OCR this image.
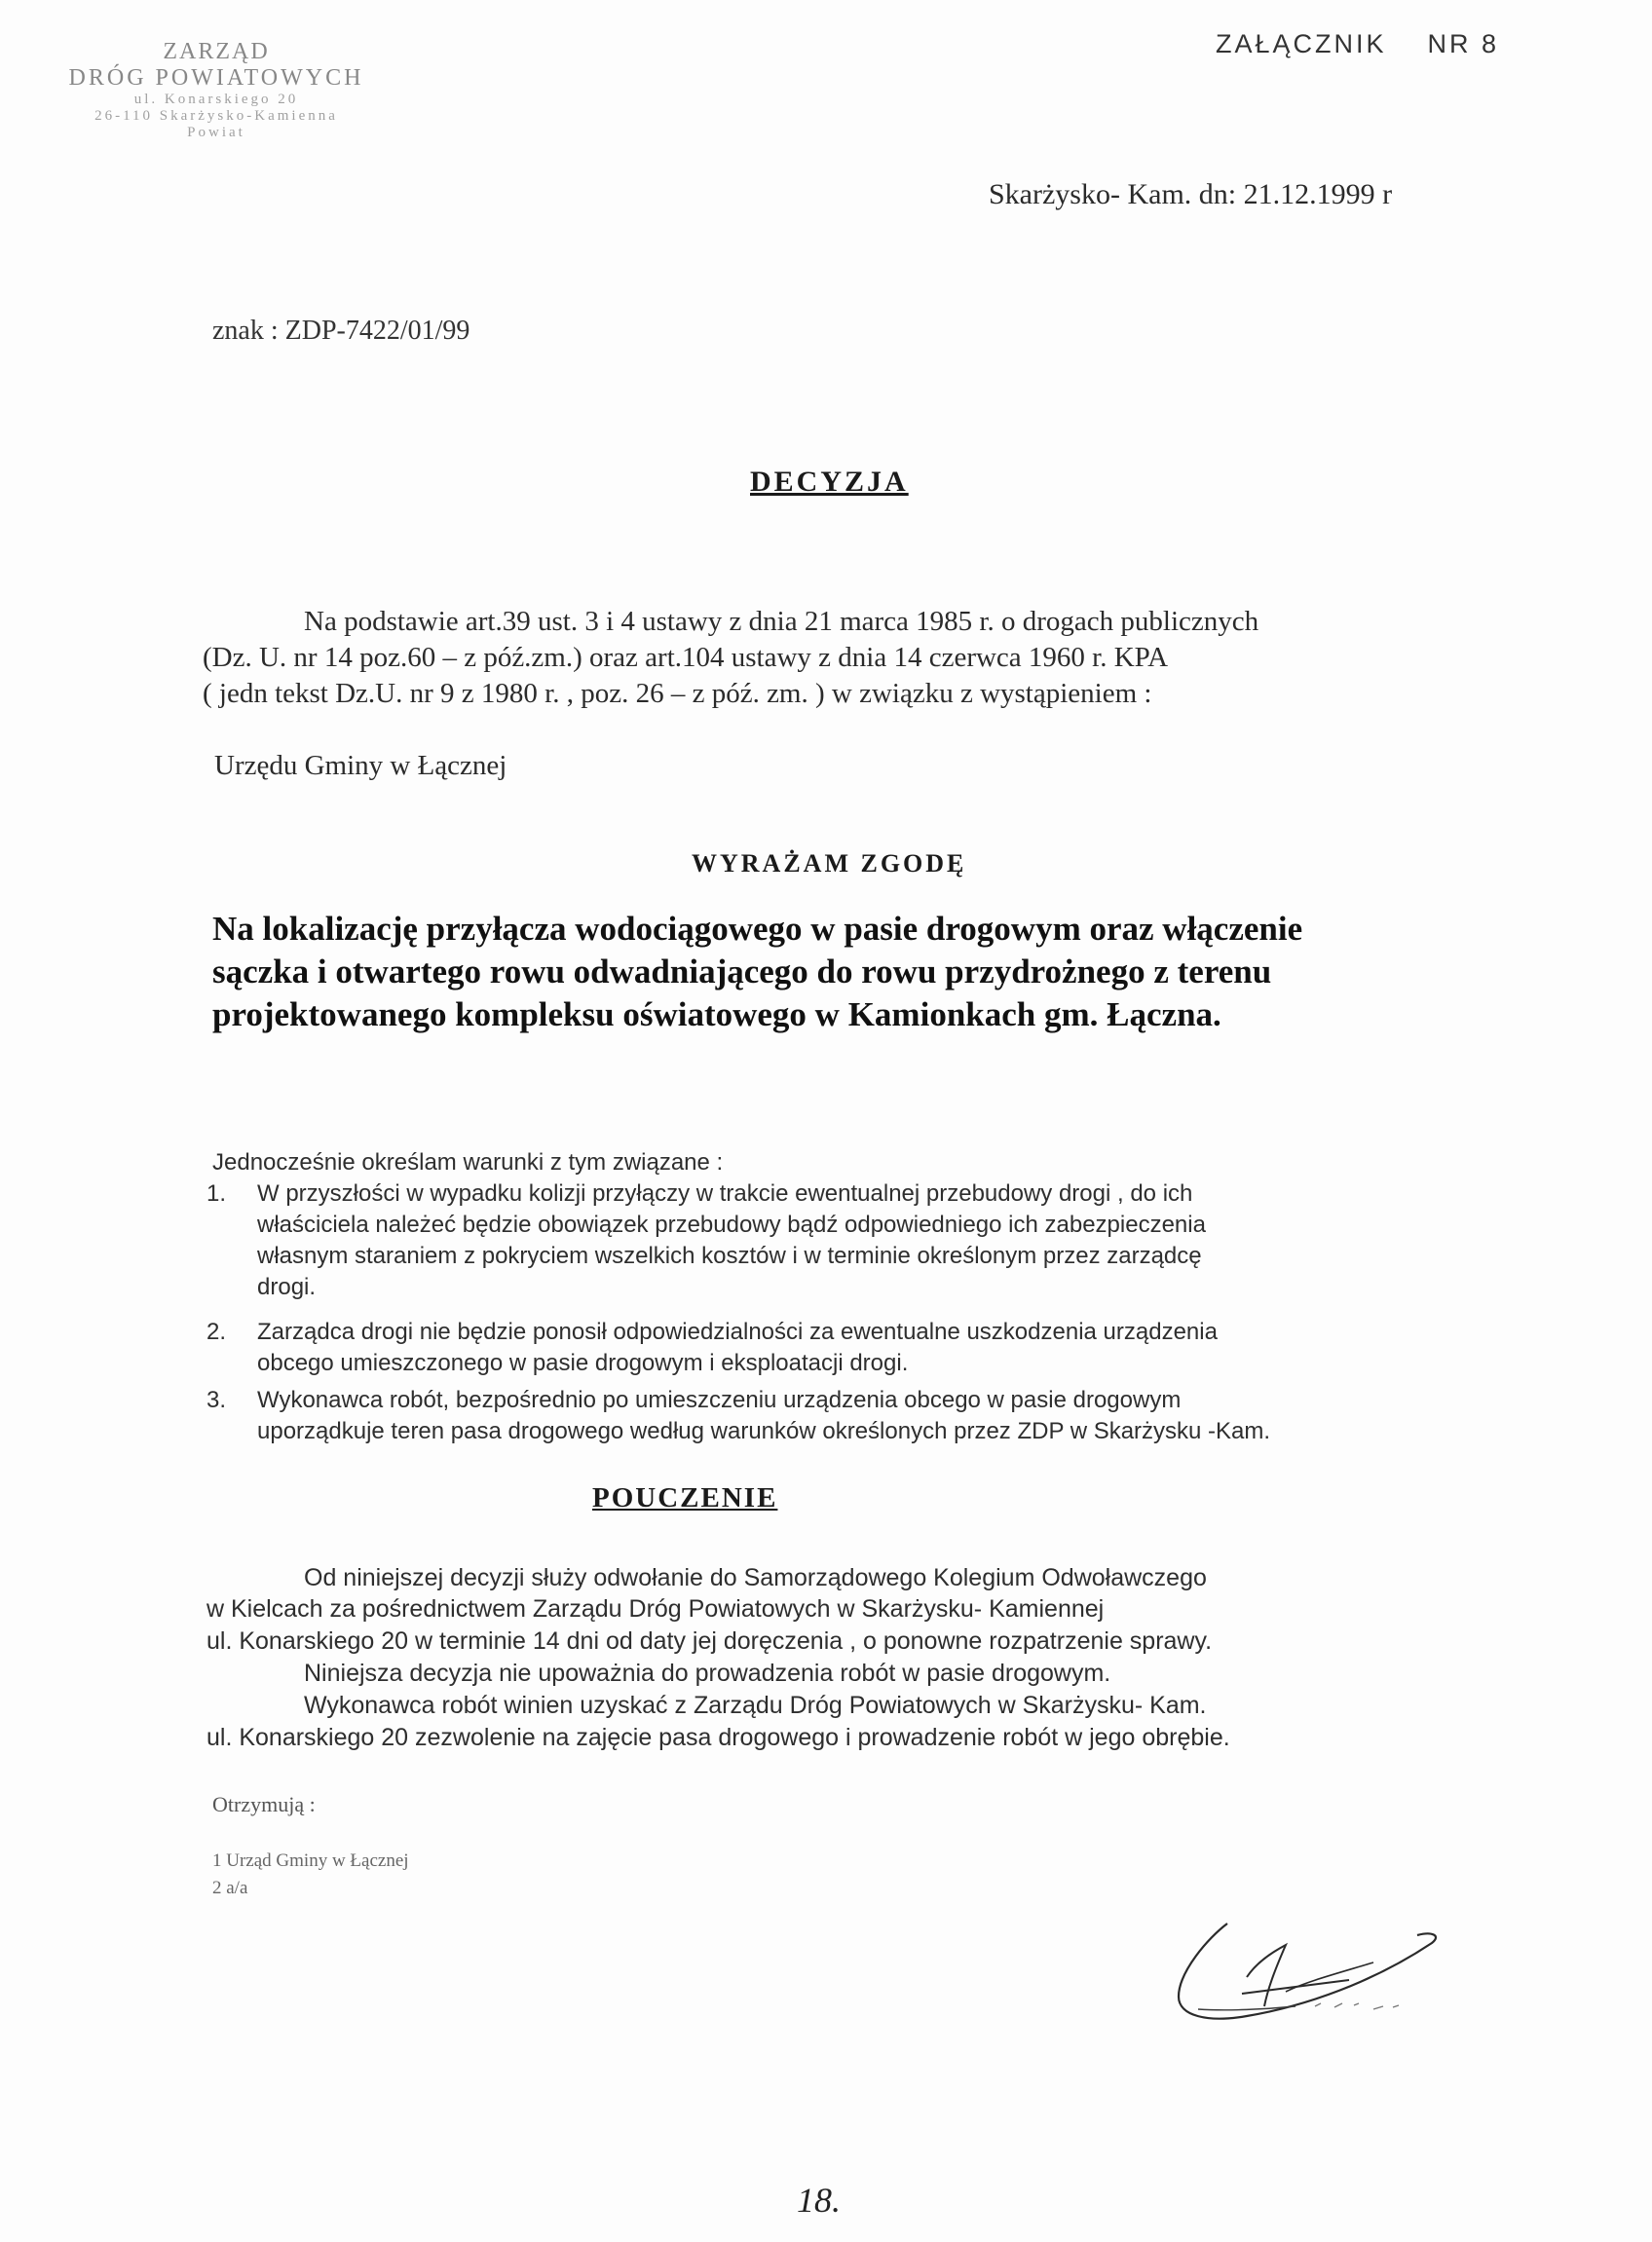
ZARZĄD
DRÓG POWIATOWYCH
ul. Konarskiego 20
26-110 Skarżysko-Kamienna
Powiat
ZAŁĄCZNIK    NR 8
Skarżysko- Kam. dn: 21.12.1999 r
znak : ZDP-7422/01/99
DECYZJA
Na podstawie art.39 ust. 3 i 4 ustawy z dnia 21 marca 1985 r. o drogach publicznych
(Dz. U. nr 14 poz.60 – z póź.zm.) oraz art.104 ustawy z dnia 14 czerwca 1960 r. KPA
( jedn tekst Dz.U. nr 9 z 1980 r. , poz. 26 – z póź. zm. ) w związku z wystąpieniem :
Urzędu Gminy w Łącznej
WYRAŻAM ZGODĘ
Na lokalizację przyłącza wodociągowego w pasie drogowym oraz włączenie
sączka i otwartego rowu odwadniającego do rowu przydrożnego z terenu
projektowanego kompleksu oświatowego w Kamionkach gm. Łączna.
Jednocześnie określam warunki z tym związane :
1. W przyszłości w wypadku kolizji przyłączy w trakcie ewentualnej przebudowy drogi , do ich
właściciela należeć będzie obowiązek przebudowy bądź odpowiedniego ich zabezpieczenia
własnym staraniem z pokryciem wszelkich kosztów i w terminie określonym przez zarządcę
drogi.
2. Zarządca drogi nie będzie ponosił odpowiedzialności za ewentualne uszkodzenia urządzenia
obcego umieszczonego w pasie drogowym i eksploatacji drogi.
3. Wykonawca robót, bezpośrednio po umieszczeniu urządzenia obcego w pasie drogowym
uporządkuje teren pasa drogowego według warunków określonych przez ZDP w Skarżysku -Kam.
POUCZENIE
Od niniejszej decyzji służy odwołanie do Samorządowego Kolegium Odwoławczego
w Kielcach za pośrednictwem Zarządu Dróg Powiatowych w Skarżysku- Kamiennej
ul. Konarskiego 20 w terminie 14 dni od daty jej doręczenia , o ponowne rozpatrzenie sprawy.
Niniejsza decyzja nie upoważnia do prowadzenia robót w pasie drogowym.
Wykonawca robót winien uzyskać z Zarządu Dróg Powiatowych w Skarżysku- Kam.
ul. Konarskiego 20 zezwolenie na zajęcie pasa drogowego i prowadzenie robót w jego obrębie.
Otrzymują :
1 Urząd Gminy w Łącznej
2 a/a
18.
